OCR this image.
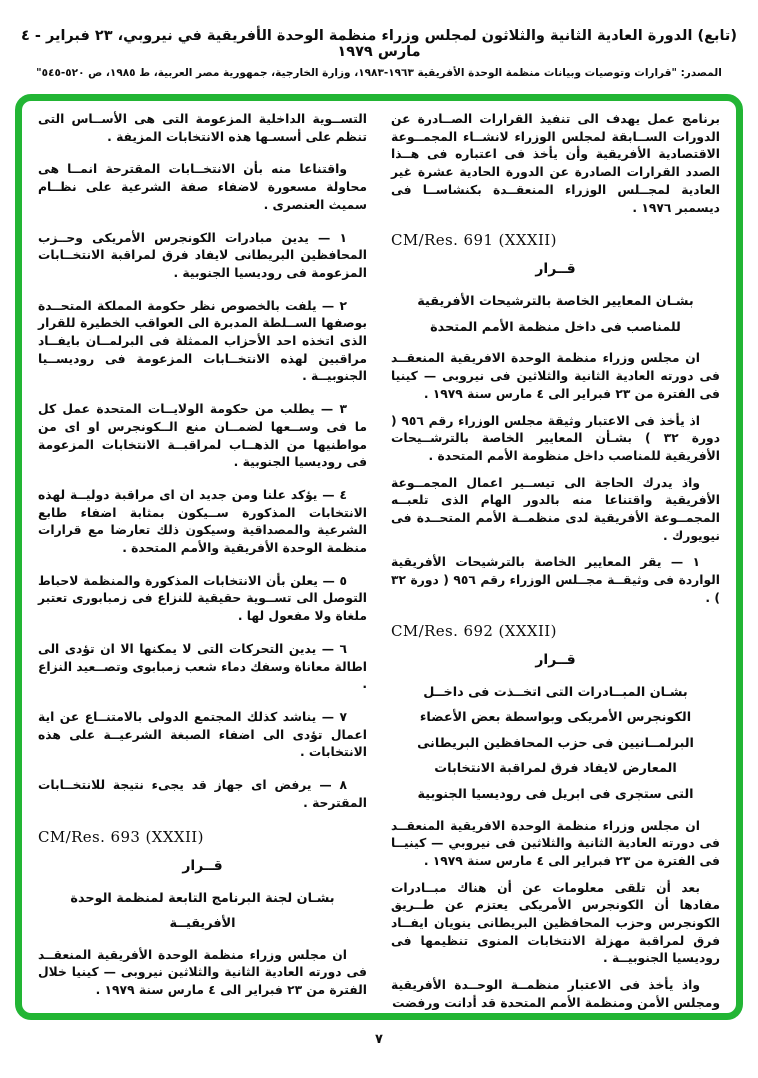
(تابع) الدورة العادية الثانية والثلاثون لمجلس وزراء منظمة الوحدة الأفريقية في نيروبي، ٢٣ فبراير - ٤ مارس ١٩٧٩
المصدر: "قرارات وتوصيات وبيانات منظمة الوحدة الأفريقية ١٩٦٣-١٩٨٣، وزارة الخارجية، جمهورية مصر العربية، ط ١٩٨٥، ص ٥٢٠-٥٤٥"

برنامج عمل يهدف الى تنفيذ القرارات الصــادرة عن الدورات الســابقة لمجلس الوزراء لانشــاء المجمــوعة الاقتصادية الأفريقية وأن يأخذ فى اعتباره فى هــذا الصدد القرارات الصادرة عن الدورة الحادية عشرة غير العادية لمجــلس الوزراء المنعقــدة بكنشاســا فى ديسمبر ١٩٧٦ .

CM/Res. 691 (XXXII)
قــرار
بشـان المعايير الخاصة بالترشيحات الأفريقية
للمناصب فى داخل منظمة الأمم المتحدة

ان مجلس وزراء منظمة الوحدة الافريقية المنعقــد فى دورته العادية الثانية والثلاثين فى نيروبى — كينيا فى الفترة من ٢٣ فبراير الى ٤ مارس سنة ١٩٧٩ .

اذ يأخذ فى الاعتبار وثيقة مجلس الوزراء رقم ٩٥٦ ( دورة ٣٢ ) بشـأن المعايير الخاصة بالترشــيحات الأفريقية للمناصب داخل منظومة الأمم المتحدة .

واذ يدرك الحاجة الى تيســير اعمال المجمــوعة الأفريقية واقتناعا منه بالدور الهام الذى تلعبــه المجمــوعة الأفريقية لدى منظمــة الأمم المتحــدة فى نيويورك .

١ — يقر المعايير الخاصة بالترشيحات الأفريقية الواردة فى وثيقــة مجــلس الوزراء رقم ٩٥٦ ( دورة ٣٢ ) .

CM/Res. 692 (XXXII)
قــرار
بشـان المبــادرات التى اتخــذت فى داخــل
الكونجرس الأمريكى وبواسطة بعض الأعضاء
البرلمــانيين فى حزب المحافظين البريطانى
المعارض لايفاد فرق لمراقبة الانتخابات
التى ستجرى فى ابريل فى روديسيا الجنوبية

ان مجلس وزراء منظمة الوحدة الافريقية المنعقــد فى دورته العادية الثانية والثلاثين فى نيروبي — كينيــا فى الفترة من ٢٣ فبراير الى ٤ مارس سنة ١٩٧٩ .

بعد أن تلقى معلومات عن أن هناك مبــادرات مفادها أن الكونجرس الأمريكى يعتزم عن طــريق الكونجرس وحزب المحافظين البريطانى ينويان ايفــاد فرق لمراقبة مهزلة الانتخابات المنوى تنظيمها فى روديسيا الجنوبيــة .

واذ يأخذ فى الاعتبار منظمــة الوحــدة الأفريقية ومجلس الأمن ومنظمة الأمم المتحدة قد أدانت ورفضت

التســوية الداخلية المزعومة التى هى الأســاس التى تنظم على أسسـها هذه الانتخابات المزيفة .

واقتناعا منه بأن الانتخــابات المقترحة انمــا هى محاولة مسعورة لاضفاء صفة الشرعية على نظــام سميث العنصرى .

١ — يدين مبادرات الكونجرس الأمريكى وحــزب المحافظين البريطانى لايفاد فرق لمراقبة الانتخــابات المزعومة فى روديسيا الجنوبية .

٢ — يلفت بالخصوص نظر حكومة المملكة المتحــدة بوصفها الســلطة المدبرة الى العواقب الخطيرة للقرار الذى اتخذه احد الأحزاب الممثلة فى البرلمــان بايفــاد مراقبين لهذه الانتخــابات المزعومة فى روديســيا الجنوبيــة .

٣ — يطلب من حكومة الولايــات المتحدة عمل كل ما فى وســعها لضمــان منع الــكونجرس او اى من مواطنيها من الذهــاب لمراقبــة الانتخابات المزعومة فى روديسيا الجنوبية .

٤ — يؤكد علنا ومن جديد ان اى مراقبة دوليــة لهذه الانتخابات المذكورة ســيكون بمثابة اضفاء طابع الشرعية والمصداقية وسيكون ذلك تعارضا مع قرارات منظمة الوحدة الأفريقية والأمم المتحدة .

٥ — يعلن بأن الانتخابات المذكورة والمنظمة لاحباط التوصل الى تســوية حقيقية للنزاع فى زمبابورى تعتبر ملغاة ولا مفعول لها .

٦ — يدين التحركات التى لا يمكنها الا ان تؤدى الى اطالة معاناة وسفك دماء شعب زمبابوى وتصــعيد النزاع .

٧ — يناشد كذلك المجتمع الدولى بالامتنــاع عن اية اعمال تؤدى الى اضفاء الصبغة الشرعيــة على هذه الانتخابات .

٨ — يرفض اى جهاز قد يجىء نتيجة للانتخــابات المقترحة .

CM/Res. 693 (XXXII)
قــرار
بشـان لجنة البرنامج التابعة لمنظمة الوحدة
الأفريقيــة

ان مجلس وزراء منظمة الوحدة الأفريقية المنعقــد فى دورته العادية الثانية والثلاثين نيروبى — كينيا خلال الفترة من ٢٣ فبراير الى ٤ مارس سنة ١٩٧٩ .

٧
